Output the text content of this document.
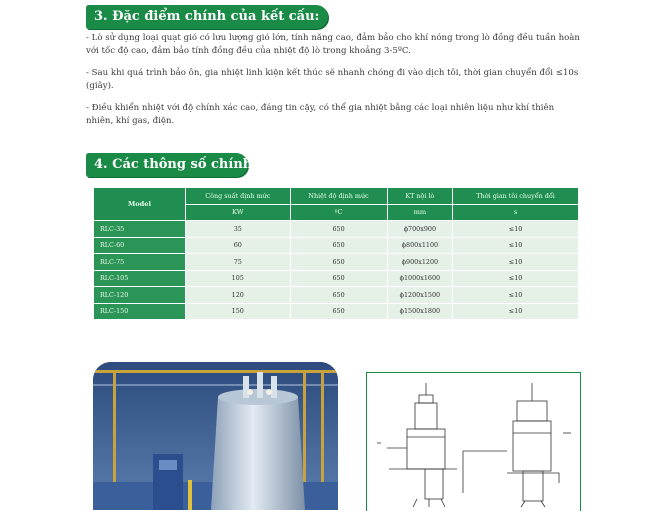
3. Đặc điểm chính của kết cấu:

- Lò sử dụng loại quạt gió có lưu lượng gió lớn, tính năng cao, đảm bảo cho khí nóng trong lò đồng đều tuần hoàn với tốc độ cao, đảm bảo tính đồng đều của nhiệt độ lò trong khoảng 3-5ºC.

- Sau khi quá trình bảo ôn, gia nhiệt linh kiện kết thúc sẽ nhanh chóng đi vào dịch tôi, thời gian chuyển đổi ≤10s (giây).

- Điều khiển nhiệt với độ chính xác cao, đáng tin cậy, có thể gia nhiệt bằng các loại nhiên liệu như khí thiên nhiên, khí gas, điện.

4. Các thông số chính:
Model	Công suất định mức	Nhiệt độ định mức	KT nội lò	Thời gian tôi chuyển đổi
	KW	ºC	mm	s
RLC-35	35	650	ϕ700x900	≤10
RLC-60	60	650	ϕ800x1100	≤10
RLC-75	75	650	ϕ900x1200	≤10
RLC-105	105	650	ϕ1000x1600	≤10
RLC-120	120	650	ϕ1200x1500	≤10
RLC-150	150	650	ϕ1500x1800	≤10
